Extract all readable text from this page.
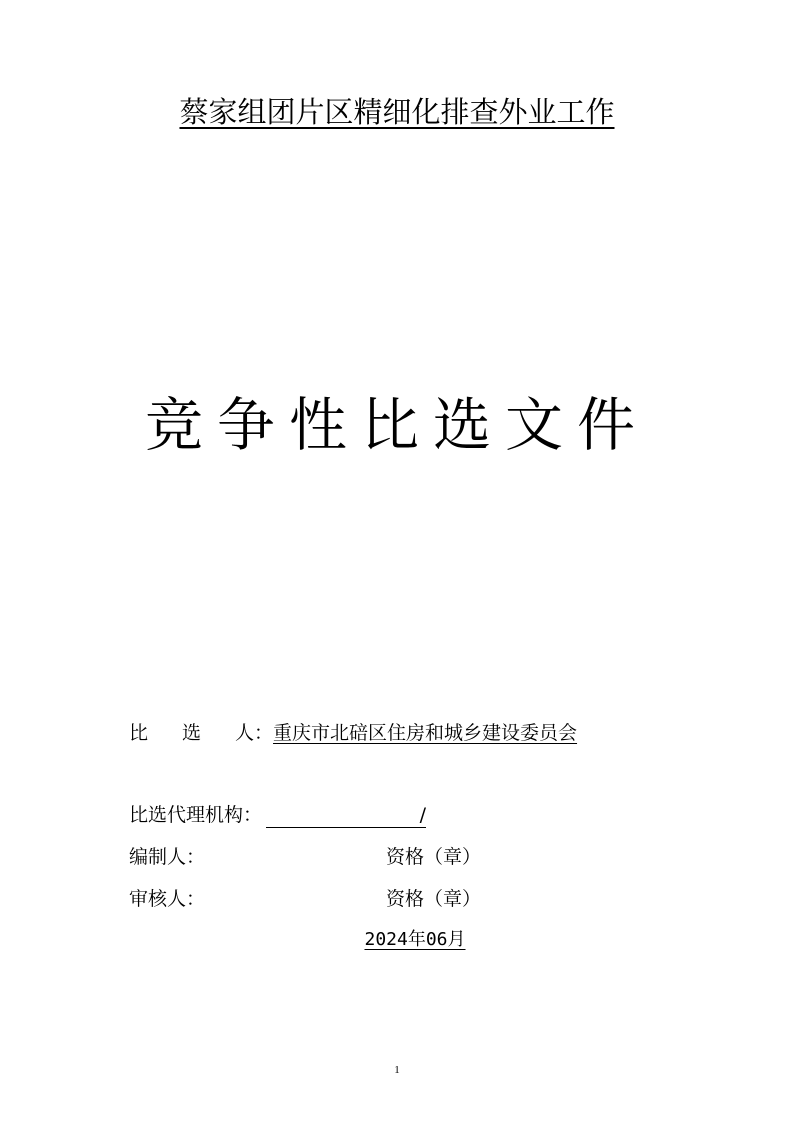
蔡家组团片区精细化排查外业工作
竞争性比选文件
比 选 人：重庆市北碚区住房和城乡建设委员会
比选代理机构：	/
编制人：	资格（章）
审核人：	资格（章）
2024年06月
1
